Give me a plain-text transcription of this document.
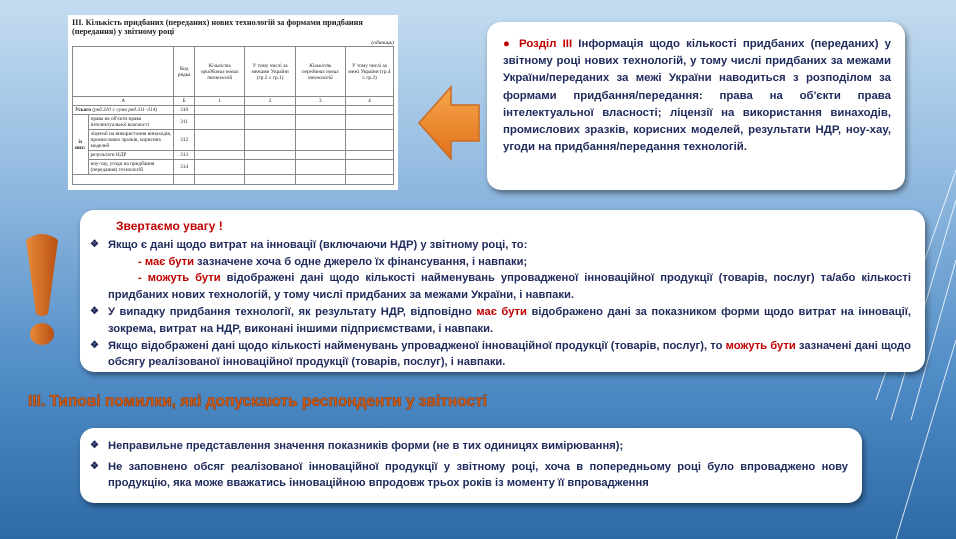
III. Кількість придбаних (переданих) нових технологій за формами придбання (передання) у звітному році
(одиниць)
		Код рядка	Кількість придбаних нових технологій	У тому числі за межами України (гр.2 ≤ гр.1)	Кількість переданих нових технологій	У тому числі за межі України (гр.4 ≤ гр.3)
А		Б	1	2	3	4
Усього (рвд.310 ≥ сума рвд.311–314)		310				
із них:	права на об'єкти права інтелектуальної власності	311				
	ліцензії на використання винаходів, промислових зразків, корисних моделей	312				
	результати НДР	313				
	ноу-хау, угоди на придбання (передання) технологій	314				

● Розділ ІІІ Інформація щодо кількості придбаних (переданих) у звітному році нових технологій, у тому числі придбаних за межами України/переданих за межі України наводиться з розподілом за формами придбання/передання: права на об'єкти права інтелектуальної власності; ліцензії на використання винаходів, промислових зразків, корисних моделей, результати НДР, ноу-хау, угоди на придбання/передання технологій.
Звертаємо увагу !
❖ Якщо є дані щодо витрат на інновації (включаючи НДР) у звітному році, то:
- має бути зазначене хоча б одне джерело їх фінансування, і навпаки;
- можуть бути відображені дані щодо кількості найменувань упровадженої інноваційної продукції (товарів, послуг) та/або кількості придбаних нових технологій, у тому числі придбаних за межами України, і навпаки.
❖ У випадку придбання технології, як результату НДР, відповідно має бути відображено дані за показником форми щодо витрат на інновації, зокрема, витрат на НДР, виконані іншими підприємствами, і навпаки.
❖ Якщо відображені дані щодо кількості найменувань упровадженої інноваційної продукції (товарів, послуг), то можуть бути зазначені дані щодо обсягу реалізованої інноваційної продукції (товарів, послуг), і навпаки.
ІІІ. Типові помилки, які допускають респонденти у звітності
❖ Неправильне представлення значення показників форми (не в тих одиницях вимірювання);
❖ Не заповнено обсяг реалізованої інноваційної продукції у звітному році, хоча в попередньому році було впроваджено нову продукцію, яка може вважатись інноваційною впродовж трьох років із моменту її впровадження
